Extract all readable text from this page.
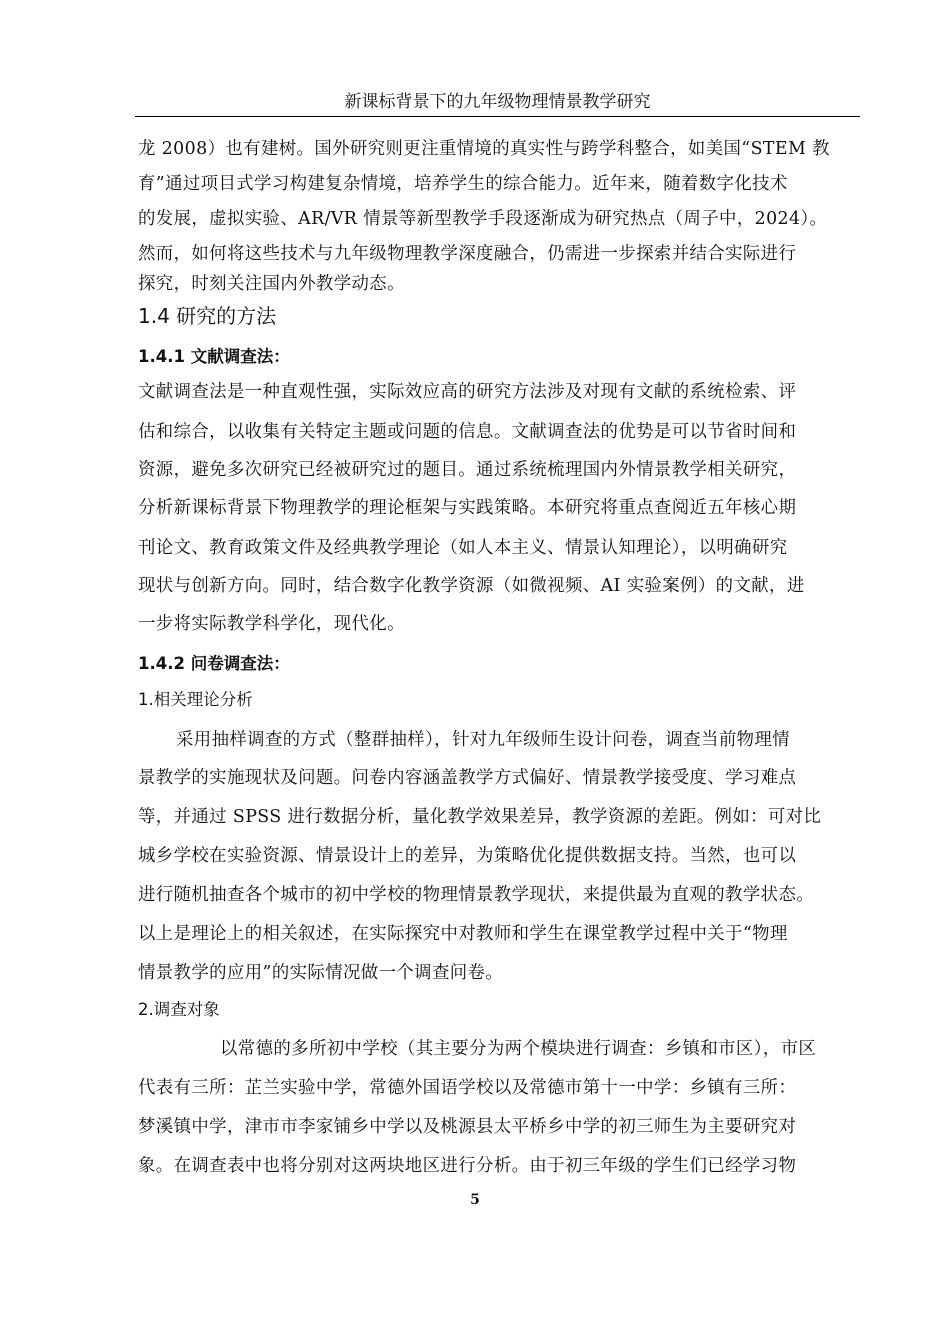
新课标背景下的九年级物理情景教学研究
龙 2008）也有建树。国外研究则更注重情境的真实性与跨学科整合，如美国“STEM 教
育”通过项目式学习构建复杂情境，培养学生的综合能力。近年来，随着数字化技术
的发展，虚拟实验、AR/VR 情景等新型教学手段逐渐成为研究热点（周子中，2024）。
然而，如何将这些技术与九年级物理教学深度融合，仍需进一步探索并结合实际进行
探究，时刻关注国内外教学动态。
1.4 研究的方法
1.4.1 文献调查法：
文献调查法是一种直观性强，实际效应高的研究方法涉及对现有文献的系统检索、评
估和综合，以收集有关特定主题或问题的信息。文献调查法的优势是可以节省时间和
资源，避免多次研究已经被研究过的题目。通过系统梳理国内外情景教学相关研究，
分析新课标背景下物理教学的理论框架与实践策略。本研究将重点查阅近五年核心期
刊论文、教育政策文件及经典教学理论（如人本主义、情景认知理论），以明确研究
现状与创新方向。同时，结合数字化教学资源（如微视频、AI 实验案例）的文献，进
一步将实际教学科学化，现代化。
1.4.2 问卷调查法：
1.相关理论分析
采用抽样调查的方式（整群抽样），针对九年级师生设计问卷，调查当前物理情
景教学的实施现状及问题。问卷内容涵盖教学方式偏好、情景教学接受度、学习难点
等，并通过 SPSS 进行数据分析，量化教学效果差异，教学资源的差距。例如：可对比
城乡学校在实验资源、情景设计上的差异，为策略优化提供数据支持。当然，也可以
进行随机抽查各个城市的初中学校的物理情景教学现状，来提供最为直观的教学状态。
以上是理论上的相关叙述，在实际探究中对教师和学生在课堂教学过程中关于“物理
情景教学的应用”的实际情况做一个调查问卷。
2.调查对象
以常德的多所初中学校（其主要分为两个模块进行调查：乡镇和市区），市区
代表有三所：芷兰实验中学，常德外国语学校以及常德市第十一中学：乡镇有三所：
梦溪镇中学，津市市李家铺乡中学以及桃源县太平桥乡中学的初三师生为主要研究对
象。在调查表中也将分别对这两块地区进行分析。由于初三年级的学生们已经学习物
5
